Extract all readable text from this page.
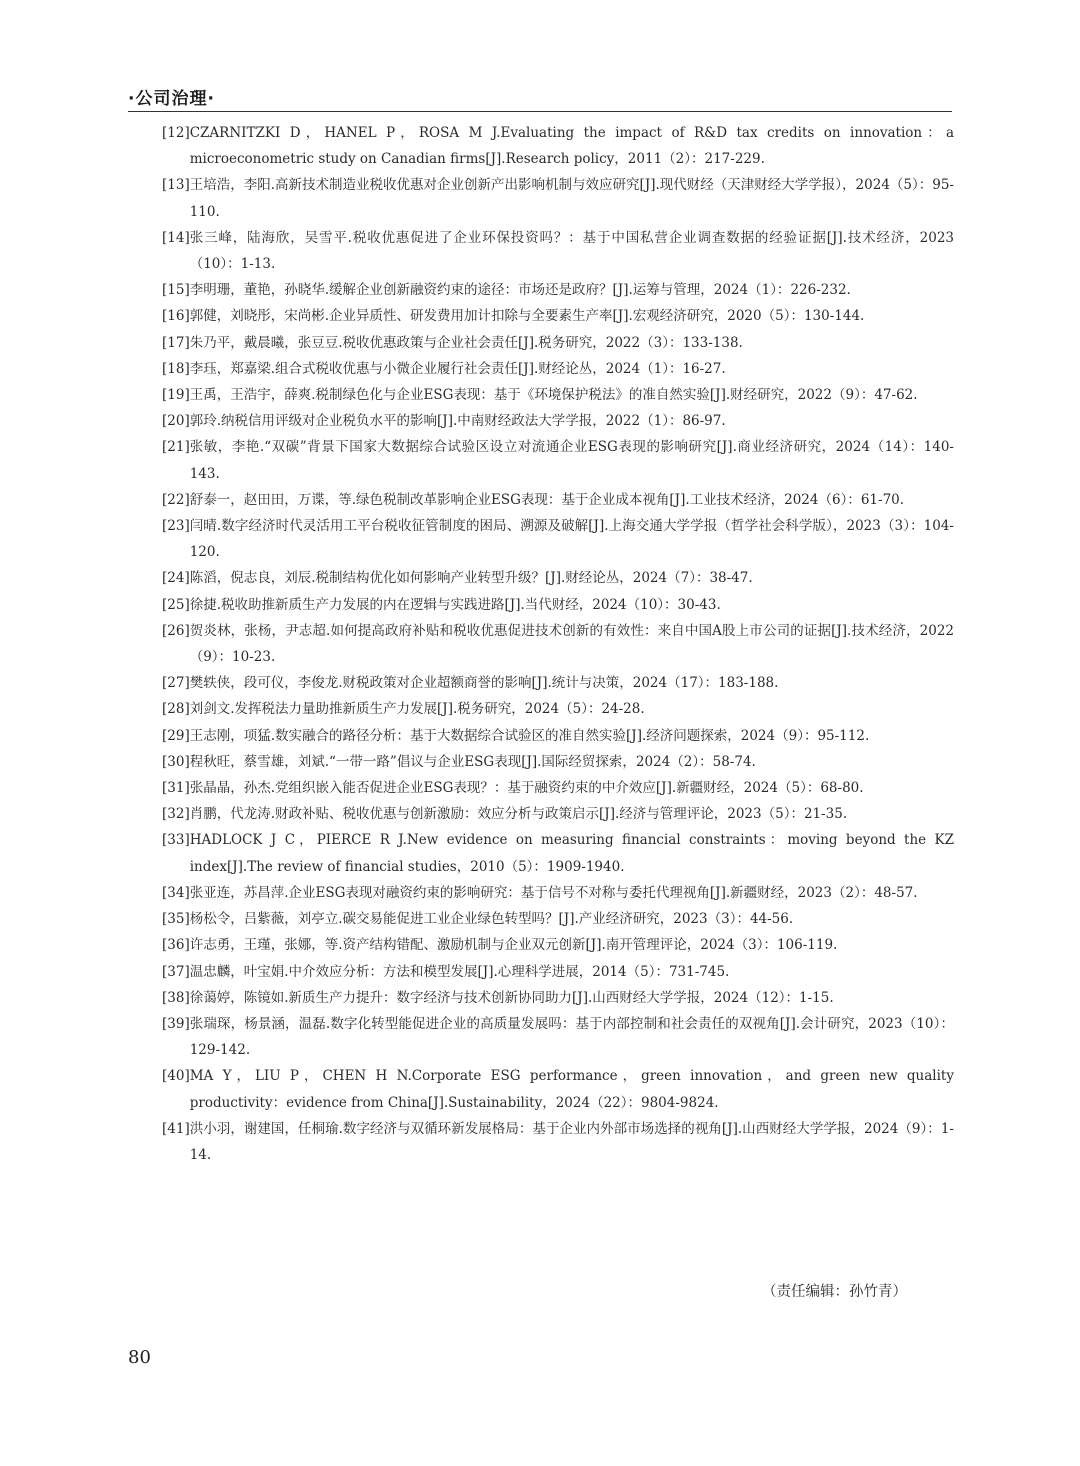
·公司治理·
[12] CZARNITZKI D，HANEL P，ROSA M J.Evaluating the impact of R&D tax credits on innovation：a microeconometric study on Canadian firms[J].Research policy，2011（2）：217-229.
[13] 王培浩，李阳.高新技术制造业税收优惠对企业创新产出影响机制与效应研究[J].现代财经（天津财经大学学报），2024（5）：95-110.
[14] 张三峰，陆海欣，吴雪平.税收优惠促进了企业环保投资吗？：基于中国私营企业调查数据的经验证据[J].技术经济，2023（10）：1-13.
[15] 李明珊，董艳，孙晓华.缓解企业创新融资约束的途径：市场还是政府？[J].运筹与管理，2024（1）：226-232.
[16] 郭健，刘晓彤，宋尚彬.企业异质性、研发费用加计扣除与全要素生产率[J].宏观经济研究，2020（5）：130-144.
[17] 朱乃平，戴晨曦，张豆豆.税收优惠政策与企业社会责任[J].税务研究，2022（3）：133-138.
[18] 李珏，郑嘉梁.组合式税收优惠与小微企业履行社会责任[J].财经论丛，2024（1）：16-27.
[19] 王禹，王浩宇，薛爽.税制绿色化与企业ESG表现：基于《环境保护税法》的准自然实验[J].财经研究，2022（9）：47-62.
[20] 郭玲.纳税信用评级对企业税负水平的影响[J].中南财经政法大学学报，2022（1）：86-97.
[21] 张敏，李艳.“双碳”背景下国家大数据综合试验区设立对流通企业ESG表现的影响研究[J].商业经济研究，2024（14）：140-143.
[22] 舒泰一，赵田田，万谍，等.绿色税制改革影响企业ESG表现：基于企业成本视角[J].工业技术经济，2024（6）：61-70.
[23] 闫晴.数字经济时代灵活用工平台税收征管制度的困局、溯源及破解[J].上海交通大学学报（哲学社会科学版），2023（3）：104-120.
[24] 陈滔，倪志良，刘辰.税制结构优化如何影响产业转型升级？[J].财经论丛，2024（7）：38-47.
[25] 徐捷.税收助推新质生产力发展的内在逻辑与实践进路[J].当代财经，2024（10）：30-43.
[26] 贺炎林，张杨，尹志超.如何提高政府补贴和税收优惠促进技术创新的有效性：来自中国A股上市公司的证据[J].技术经济，2022（9）：10-23.
[27] 樊轶侠，段可仪，李俊龙.财税政策对企业超额商誉的影响[J].统计与决策，2024（17）：183-188.
[28] 刘剑文.发挥税法力量助推新质生产力发展[J].税务研究，2024（5）：24-28.
[29] 王志刚，项猛.数实融合的路径分析：基于大数据综合试验区的准自然实验[J].经济问题探索，2024（9）：95-112.
[30] 程秋旺，蔡雪雄，刘斌.“一带一路”倡议与企业ESG表现[J].国际经贸探索，2024（2）：58-74.
[31] 张晶晶，孙杰.党组织嵌入能否促进企业ESG表现？：基于融资约束的中介效应[J].新疆财经，2024（5）：68-80.
[32] 肖鹏，代龙涛.财政补贴、税收优惠与创新激励：效应分析与政策启示[J].经济与管理评论，2023（5）：21-35.
[33] HADLOCK J C，PIERCE R J.New evidence on measuring financial constraints：moving beyond the KZ index[J].The review of financial studies，2010（5）：1909-1940.
[34] 张亚连，苏昌萍.企业ESG表现对融资约束的影响研究：基于信号不对称与委托代理视角[J].新疆财经，2023（2）：48-57.
[35] 杨松令，吕紫薇，刘亭立.碳交易能促进工业企业绿色转型吗？[J].产业经济研究，2023（3）：44-56.
[36] 许志勇，王瑾，张娜，等.资产结构错配、激励机制与企业双元创新[J].南开管理评论，2024（3）：106-119.
[37] 温忠麟，叶宝娟.中介效应分析：方法和模型发展[J].心理科学进展，2014（5）：731-745.
[38] 徐蔼婷，陈镜如.新质生产力提升：数字经济与技术创新协同助力[J].山西财经大学学报，2024（12）：1-15.
[39] 张瑞琛，杨景涵，温磊.数字化转型能促进企业的高质量发展吗：基于内部控制和社会责任的双视角[J].会计研究，2023（10）：129-142.
[40] MA Y，LIU P，CHEN H N.Corporate ESG performance，green innovation，and green new quality productivity：evidence from China[J].Sustainability，2024（22）：9804-9824.
[41] 洪小羽，谢建国，任桐瑜.数字经济与双循环新发展格局：基于企业内外部市场选择的视角[J].山西财经大学学报，2024（9）：1-14.
（责任编辑：孙竹青）
80
